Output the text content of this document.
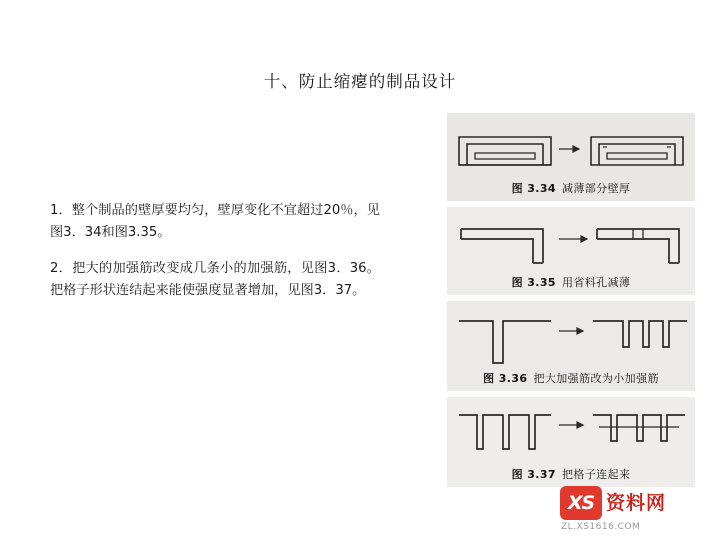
十、防止缩瘪的制品设计
1．整个制品的壁厚要均匀，壁厚变化不宜超过20％，见图3．34和图3.35。
2．把大的加强筋改变成几条小的加强筋，见图3．36。把格子形状连结起来能使强度显著增加，见图3．37。
图 3.34 减薄部分壁厚
图 3.35 用省料孔减薄
图 3.36 把大加强筋改为小加强筋
图 3.37 把格子连起来
XS 资料网
ZL.XS1616.COM
